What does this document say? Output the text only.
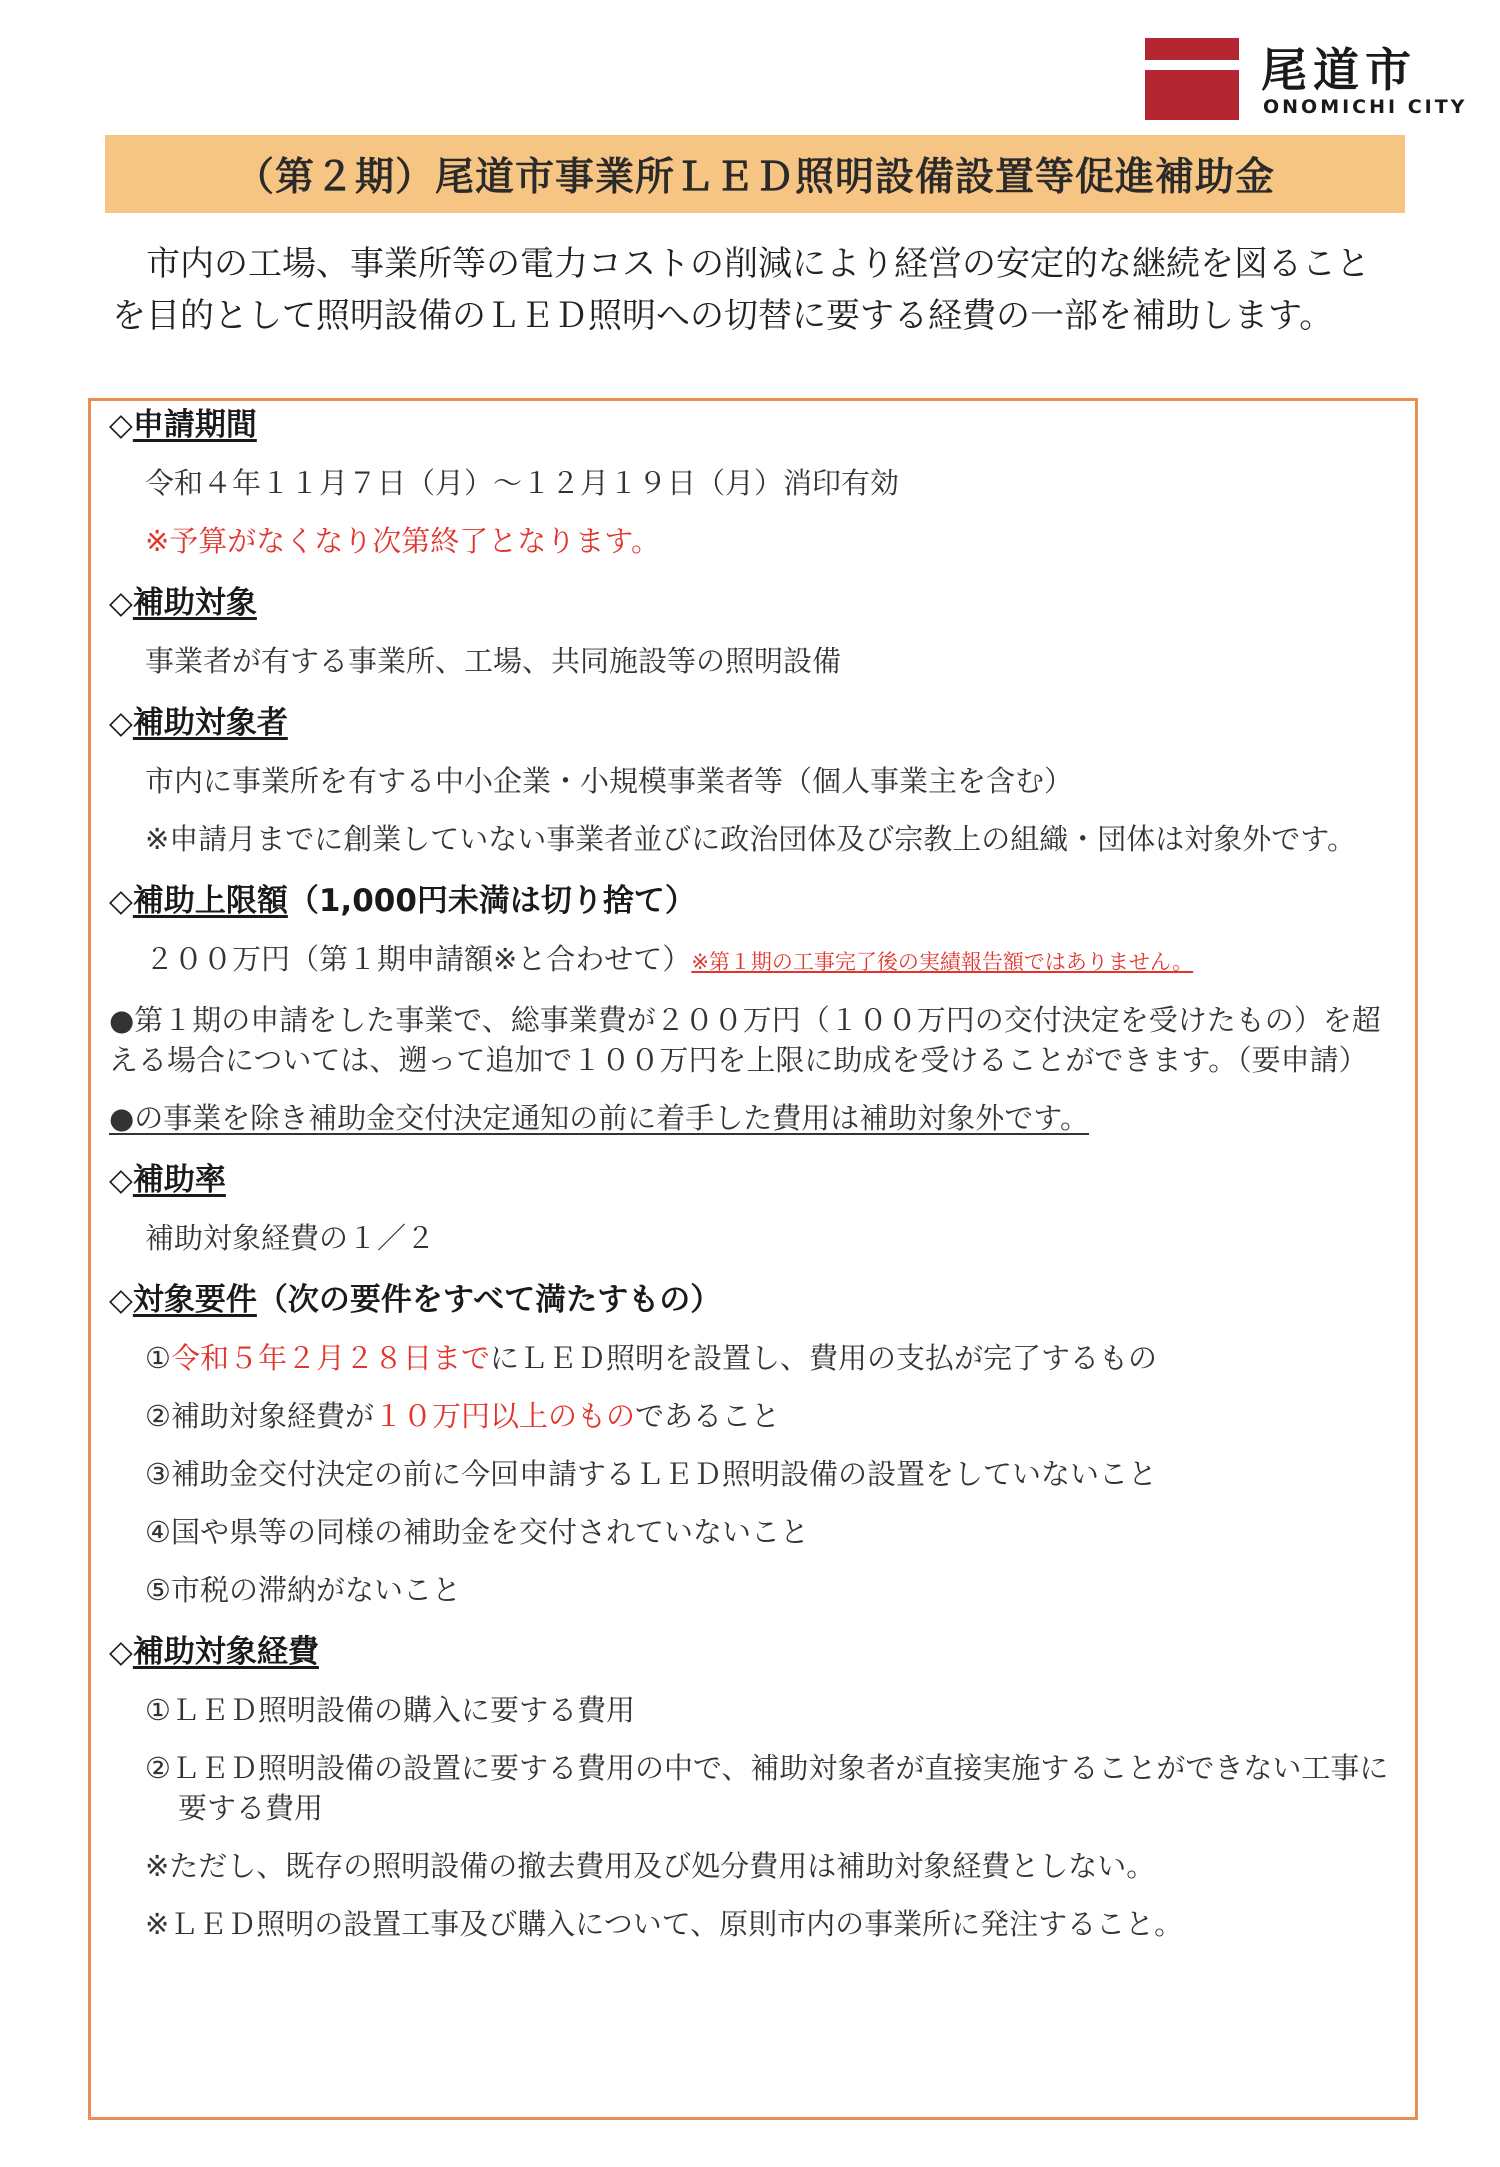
尾道市
ONOMICHI CITY
（第２期）尾道市事業所ＬＥＤ照明設備設置等促進補助金
市内の工場、事業所等の電力コストの削減により経営の安定的な継続を図ることを目的として照明設備のＬＥＤ照明への切替に要する経費の一部を補助します。
◇申請期間

令和４年１１月７日（月）～１２月１９日（月）消印有効

※予算がなくなり次第終了となります。

◇補助対象

事業者が有する事業所、工場、共同施設等の照明設備

◇補助対象者

市内に事業所を有する中小企業・小規模事業者等（個人事業主を含む）

※申請月までに創業していない事業者並びに政治団体及び宗教上の組織・団体は対象外です。
◇補助上限額（1,000円未満は切り捨て）

２００万円（第１期申請額※と合わせて）※第１期の工事完了後の実績報告額ではありません。

●第１期の申請をした事業で、総事業費が２００万円（１００万円の交付決定を受けたもの）を超える場合については、遡って追加で１００万円を上限に助成を受けることができます。（要申請）

●の事業を除き補助金交付決定通知の前に着手した費用は補助対象外です。

◇補助率

補助対象経費の１／２

◇対象要件（次の要件をすべて満たすもの）

①令和５年２月２８日までにＬＥＤ照明を設置し、費用の支払が完了するもの

②補助対象経費が１０万円以上のものであること

③補助金交付決定の前に今回申請するＬＥＤ照明設備の設置をしていないこと

④国や県等の同様の補助金を交付されていないこと

⑤市税の滞納がないこと

◇補助対象経費

①ＬＥＤ照明設備の購入に要する費用

②ＬＥＤ照明設備の設置に要する費用の中で、補助対象者が直接実施することができない工事に要する費用

※ただし、既存の照明設備の撤去費用及び処分費用は補助対象経費としない。

※ＬＥＤ照明の設置工事及び購入について、原則市内の事業所に発注すること。
